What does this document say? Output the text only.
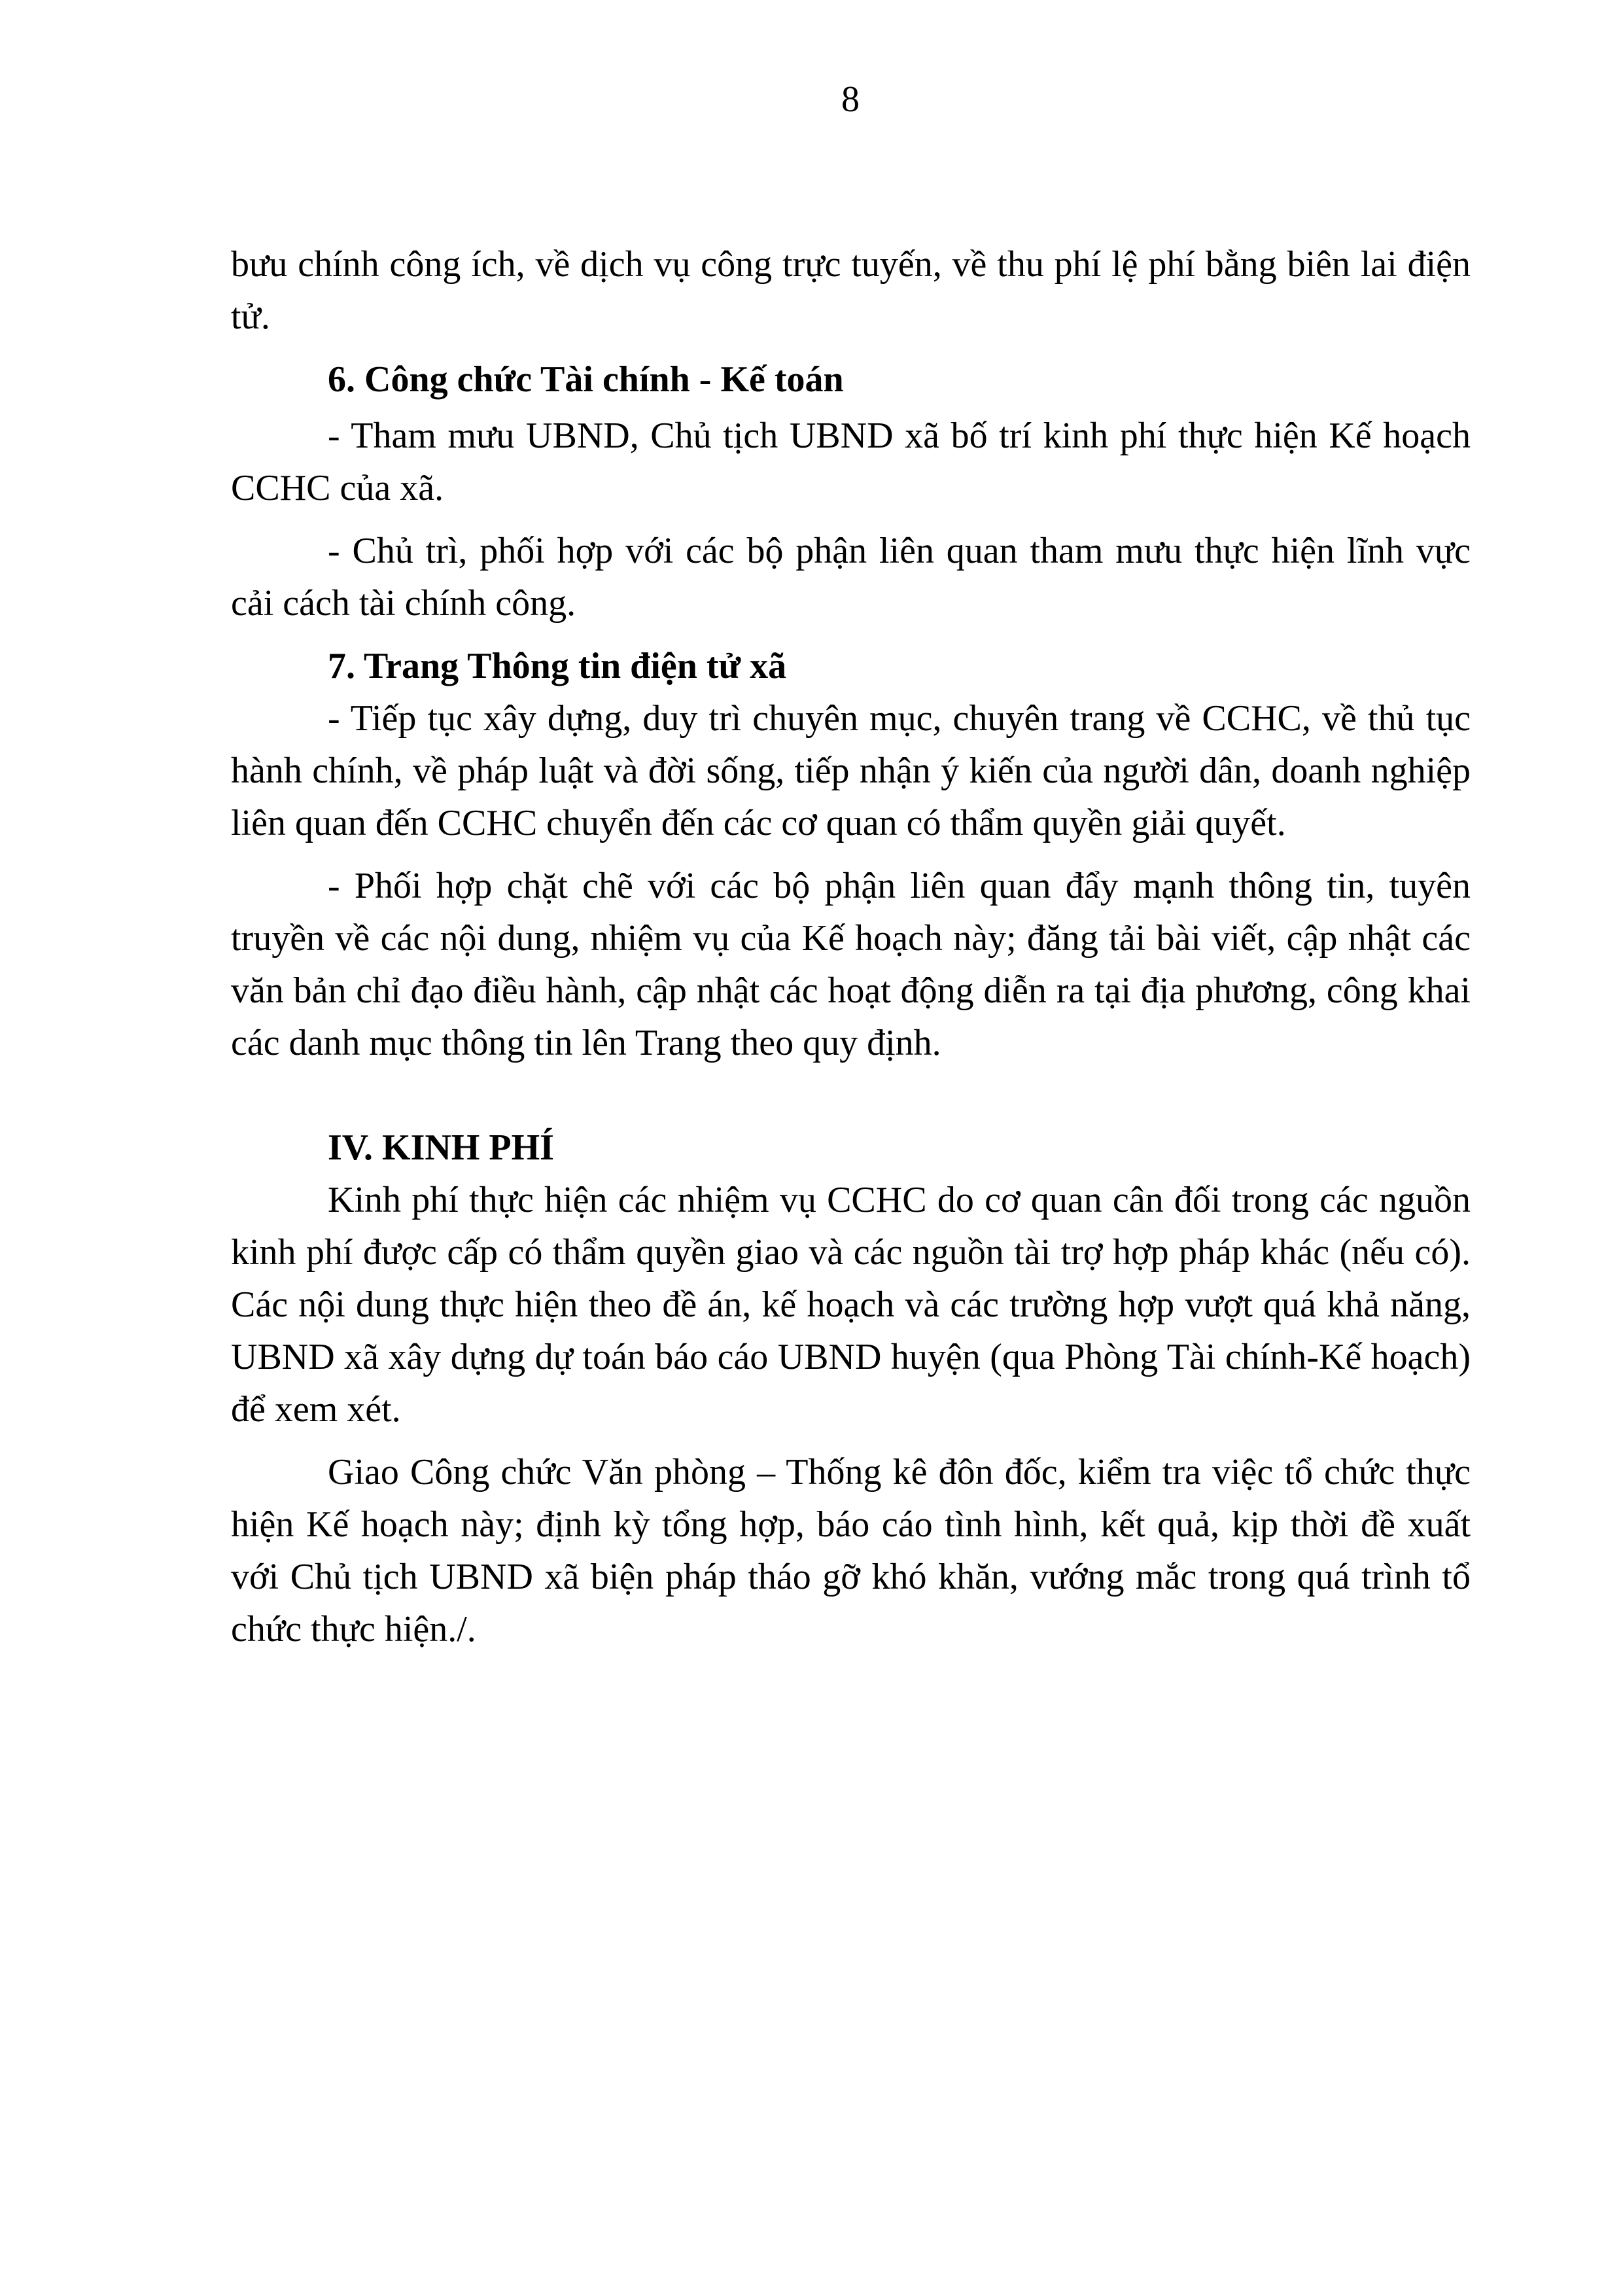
8

bưu chính công ích, về dịch vụ công trực tuyến, về thu phí lệ phí bằng biên lai điện tử.

6. Công chức Tài chính - Kế toán

- Tham mưu UBND, Chủ tịch UBND xã bố trí kinh phí thực hiện Kế hoạch CCHC của xã.

- Chủ trì, phối hợp với các bộ phận liên quan tham mưu thực hiện lĩnh vực cải cách tài chính công.

7. Trang Thông tin điện tử xã

- Tiếp tục xây dựng, duy trì chuyên mục, chuyên trang về CCHC, về thủ tục hành chính, về pháp luật và đời sống, tiếp nhận ý kiến của người dân, doanh nghiệp liên quan đến CCHC chuyển đến các cơ quan có thẩm quyền giải quyết.

- Phối hợp chặt chẽ với các bộ phận liên quan đẩy mạnh thông tin, tuyên truyền về các nội dung, nhiệm vụ của Kế hoạch này; đăng tải bài viết, cập nhật các văn bản chỉ đạo điều hành, cập nhật các hoạt động diễn ra tại địa phương, công khai các danh mục thông tin lên Trang theo quy định.

IV. KINH PHÍ

Kinh phí thực hiện các nhiệm vụ CCHC do cơ quan cân đối trong các nguồn kinh phí được cấp có thẩm quyền giao và các nguồn tài trợ hợp pháp khác (nếu có). Các nội dung thực hiện theo đề án, kế hoạch và các trường hợp vượt quá khả năng, UBND xã xây dựng dự toán báo cáo UBND huyện (qua Phòng Tài chính-Kế hoạch) để xem xét.

Giao Công chức Văn phòng – Thống kê đôn đốc, kiểm tra việc tổ chức thực hiện Kế hoạch này; định kỳ tổng hợp, báo cáo tình hình, kết quả, kịp thời đề xuất với Chủ tịch UBND xã biện pháp tháo gỡ khó khăn, vướng mắc trong quá trình tổ chức thực hiện./.
